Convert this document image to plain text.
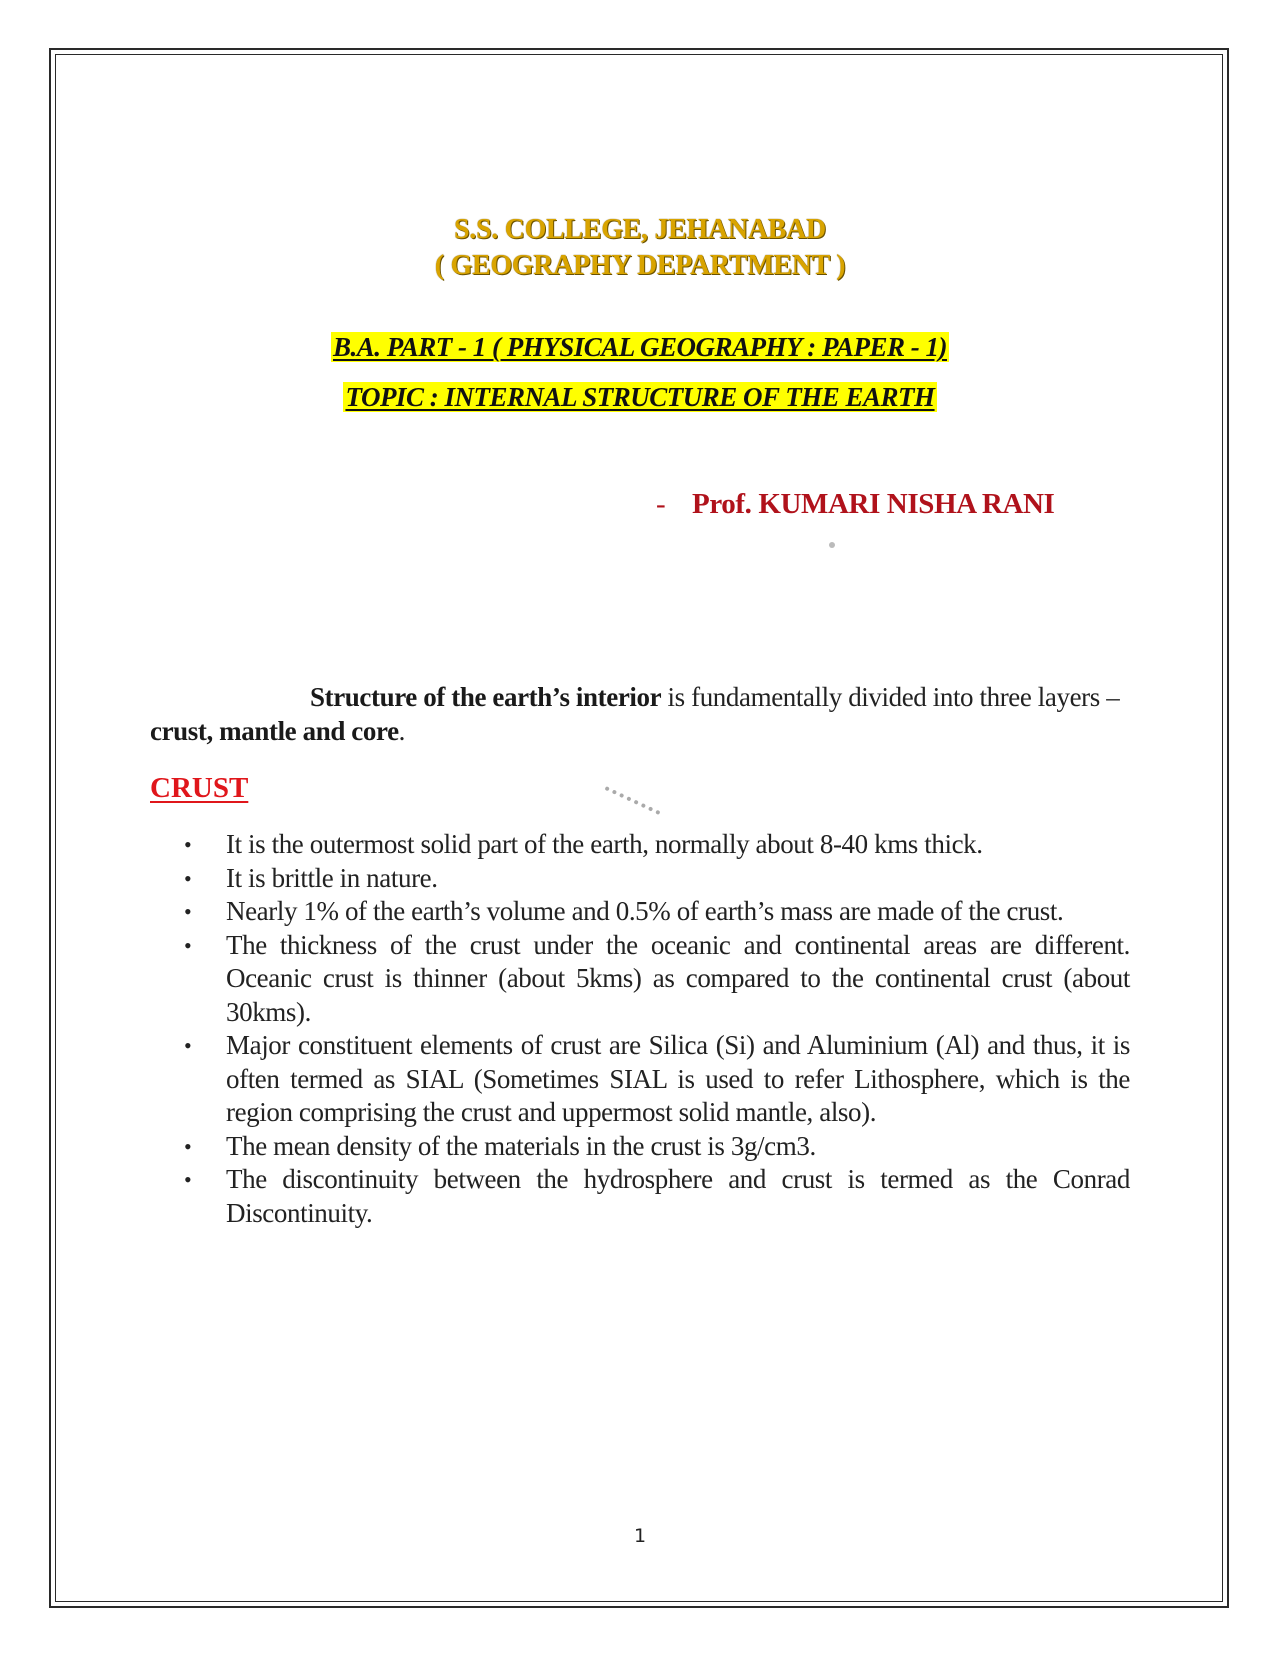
S.S. COLLEGE, JEHANABAD
( GEOGRAPHY DEPARTMENT )
B.A. PART - 1 ( PHYSICAL GEOGRAPHY : PAPER - 1)
TOPIC : INTERNAL STRUCTURE OF THE EARTH
- Prof. KUMARI NISHA RANI
Structure of the earth’s interior is fundamentally divided into three layers – crust, mantle and core.
CRUST
• It is the outermost solid part of the earth, normally about 8-40 kms thick.
• It is brittle in nature.
• Nearly 1% of the earth’s volume and 0.5% of earth’s mass are made of the crust.
• The thickness of the crust under the oceanic and continental areas are different. Oceanic crust is thinner (about 5kms) as compared to the continental crust (about 30kms).
• Major constituent elements of crust are Silica (Si) and Aluminium (Al) and thus, it is often termed as SIAL (Sometimes SIAL is used to refer Lithosphere, which is the region comprising the crust and uppermost solid mantle, also).
• The mean density of the materials in the crust is 3g/cm3.
• The discontinuity between the hydrosphere and crust is termed as the Conrad Discontinuity.
1
